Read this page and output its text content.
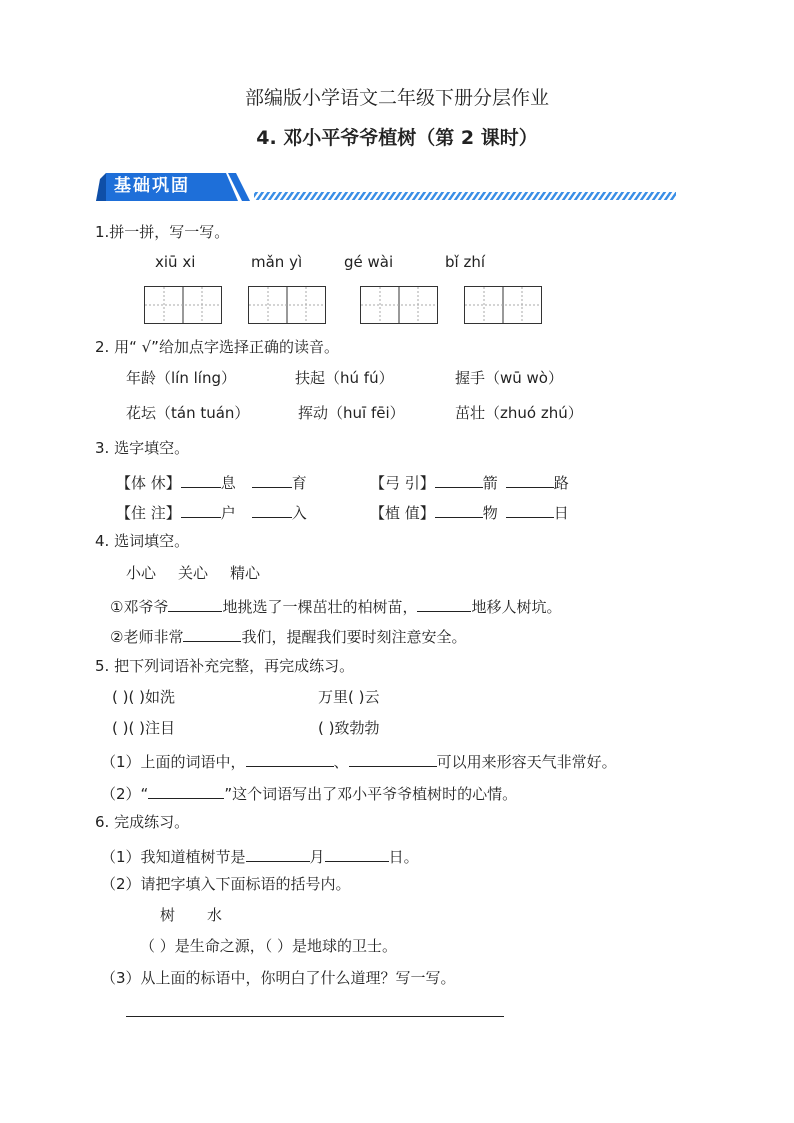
部编版小学语文二年级下册分层作业
4. 邓小平爷爷植树（第 2 课时）
基础巩固
1.拼一拼，写一写。
xiū xi	mǎn yì	gé wài	bǐ zhí
2. 用“ √”给加点字选择正确的读音。
年龄（lín líng）	扶起（hú fú）	握手（wū wò）
花坛（tán tuán）	挥动（huī fēi）	茁壮（zhuó zhú）
3. 选字填空。
【体 休】	息	育	【弓 引】	箭	路
【住 注】	户	入	【植 值】	物	日
4. 选词填空。
小心 关心 精心
①邓爷爷	地挑选了一棵茁壮的柏树苗，	地移人树坑。
②老师非常	我们，提醒我们要时刻注意安全。
5. 把下列词语补充完整，再完成练习。
( )( )如洗	万里( )云
( )( )注目	( )致勃勃
（1）上面的词语中，	、	可以用来形容天气非常好。
（2）“	”这个词语写出了邓小平爷爷植树时的心情。
6. 完成练习。
（1）我知道植树节是	月	日。
（2）请把字填入下面标语的括号内。
树 水
（ ）是生命之源，（ ）是地球的卫士。
（3）从上面的标语中，你明白了什么道理？写一写。
